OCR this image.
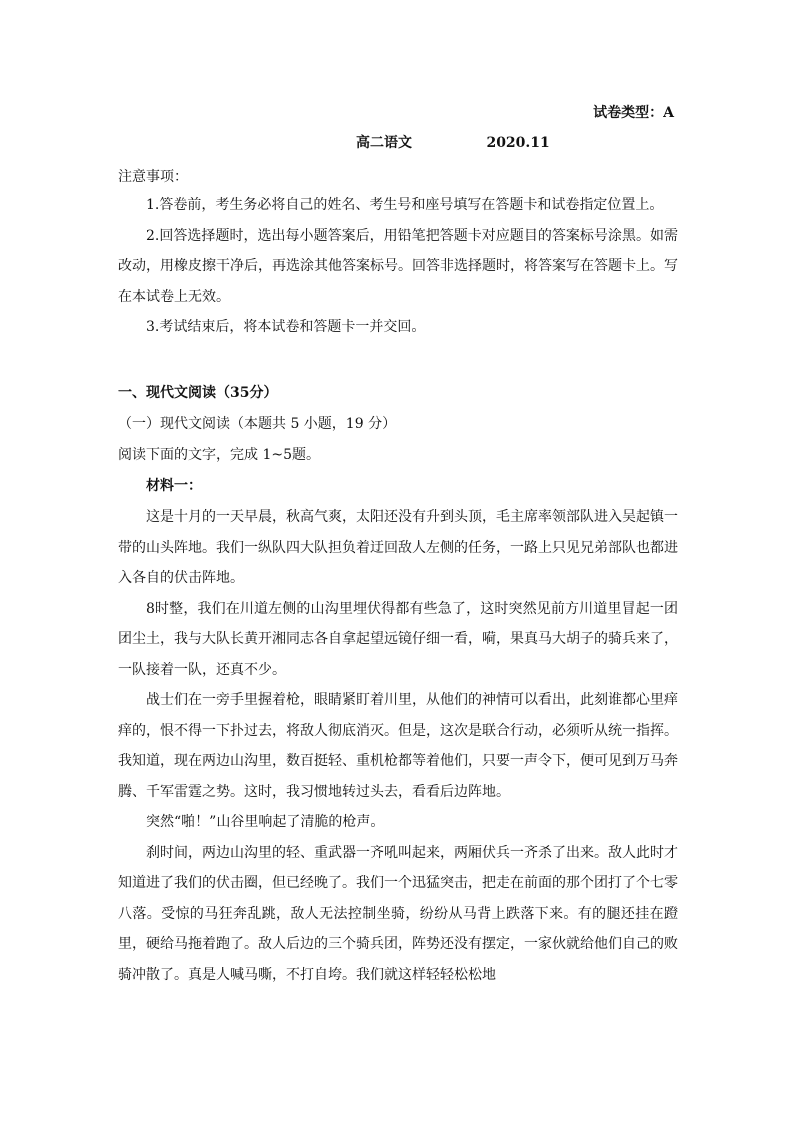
试卷类型：A
高二语文	2020.11
注意事项：

1.答卷前，考生务必将自己的姓名、考生号和座号填写在答题卡和试卷指定位置上。

2.回答选择题时，选出每小题答案后，用铅笔把答题卡对应题目的答案标号涂黑。如需改动，用橡皮擦干净后，再选涂其他答案标号。回答非选择题时，将答案写在答题卡上。写在本试卷上无效。

3.考试结束后，将本试卷和答题卡一并交回。

一、现代文阅读（35分）
（一）现代文阅读（本题共 5 小题，19 分）
阅读下面的文字，完成 1~5题。
材料一：

这是十月的一天早晨，秋高气爽，太阳还没有升到头顶，毛主席率领部队进入吴起镇一带的山头阵地。我们一纵队四大队担负着迂回敌人左侧的任务，一路上只见兄弟部队也都进入各自的伏击阵地。

8时整，我们在川道左侧的山沟里埋伏得都有些急了，这时突然见前方川道里冒起一团团尘土，我与大队长黄开湘同志各自拿起望远镜仔细一看，嗬，果真马大胡子的骑兵来了，一队接着一队，还真不少。

战士们在一旁手里握着枪，眼睛紧盯着川里，从他们的神情可以看出，此刻谁都心里痒痒的，恨不得一下扑过去，将敌人彻底消灭。但是，这次是联合行动，必须听从统一指挥。我知道，现在两边山沟里，数百挺轻、重机枪都等着他们，只要一声令下，便可见到万马奔腾、千军雷霆之势。这时，我习惯地转过头去，看看后边阵地。

突然“啪！”山谷里响起了清脆的枪声。

刹时间，两边山沟里的轻、重武器一齐吼叫起来，两厢伏兵一齐杀了出来。敌人此时才知道进了我们的伏击圈，但已经晚了。我们一个迅猛突击，把走在前面的那个团打了个七零八落。受惊的马狂奔乱跳，敌人无法控制坐骑，纷纷从马背上跌落下来。有的腿还挂在蹬里，硬给马拖着跑了。敌人后边的三个骑兵团，阵势还没有摆定，一家伙就给他们自己的败骑冲散了。真是人喊马嘶，不打自垮。我们就这样轻轻松松地
